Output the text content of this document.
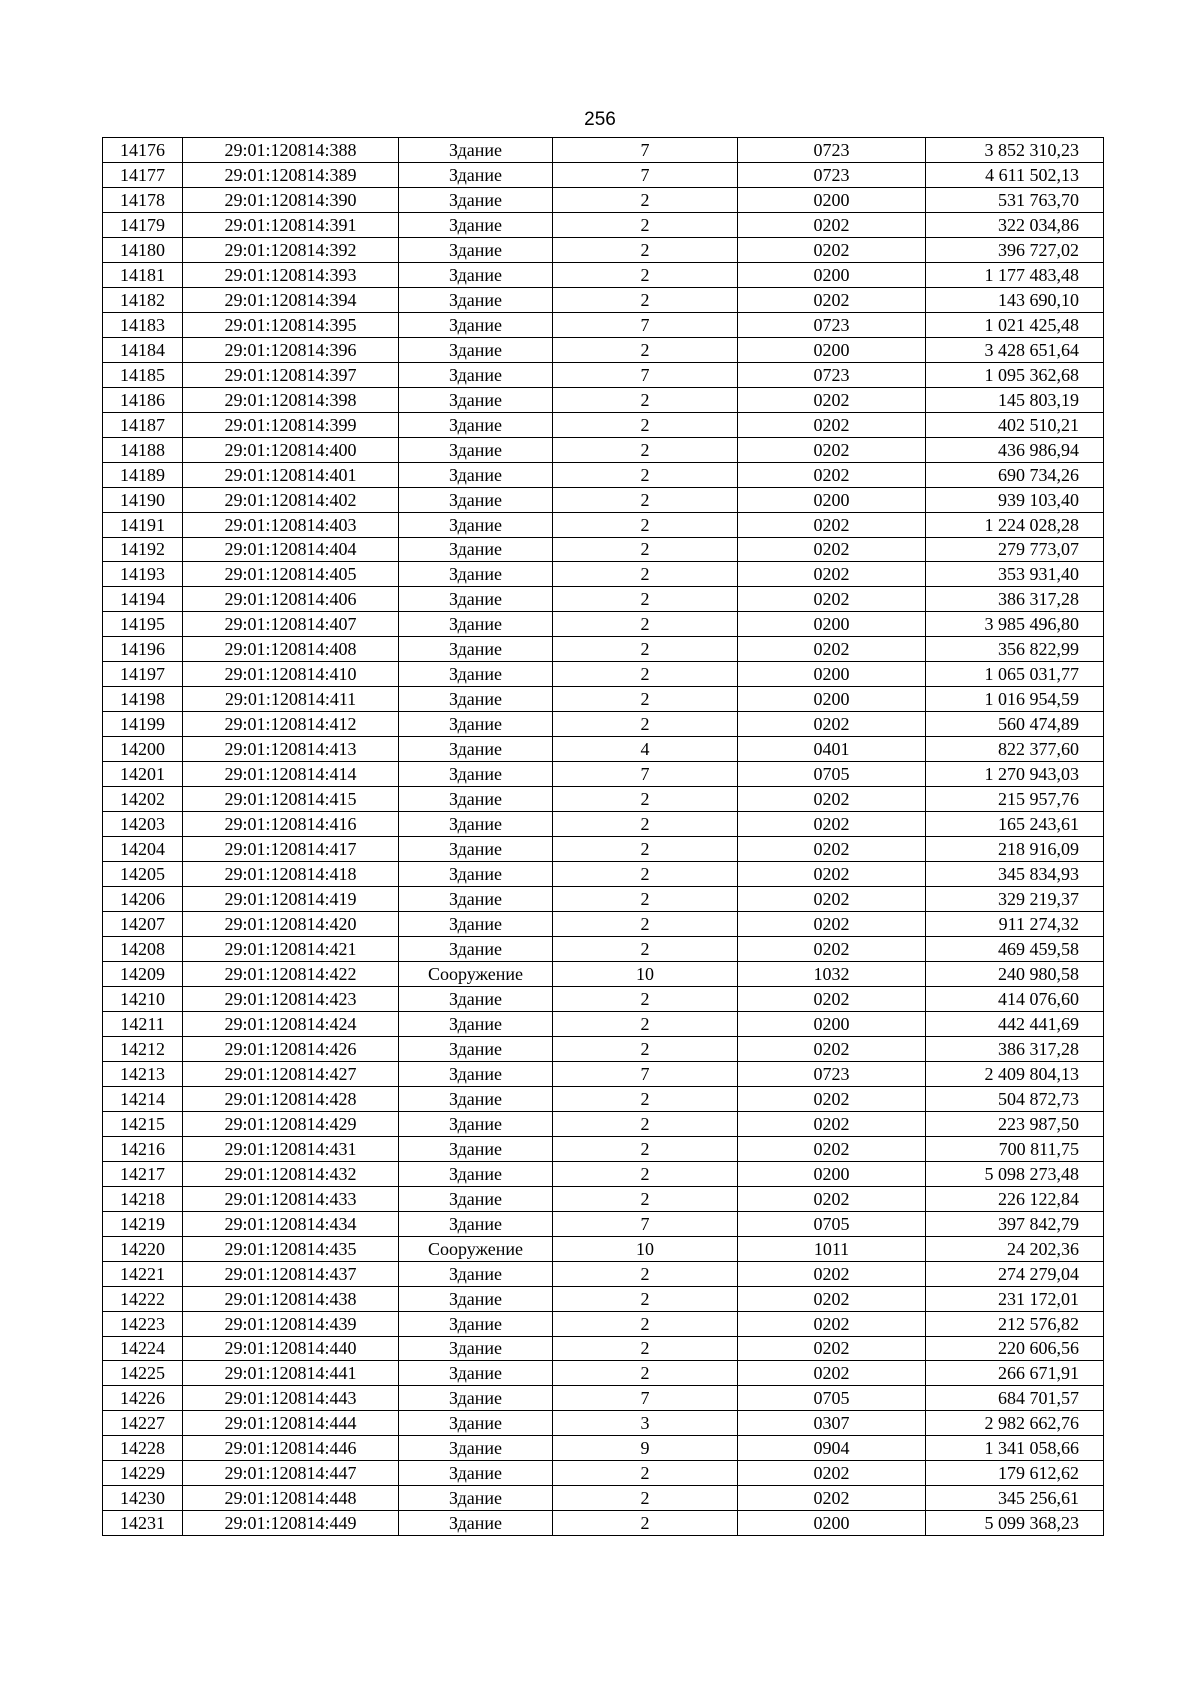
256
14176	29:01:120814:388	Здание	7	0723	3 852 310,23
14177	29:01:120814:389	Здание	7	0723	4 611 502,13
14178	29:01:120814:390	Здание	2	0200	531 763,70
14179	29:01:120814:391	Здание	2	0202	322 034,86
14180	29:01:120814:392	Здание	2	0202	396 727,02
14181	29:01:120814:393	Здание	2	0200	1 177 483,48
14182	29:01:120814:394	Здание	2	0202	143 690,10
14183	29:01:120814:395	Здание	7	0723	1 021 425,48
14184	29:01:120814:396	Здание	2	0200	3 428 651,64
14185	29:01:120814:397	Здание	7	0723	1 095 362,68
14186	29:01:120814:398	Здание	2	0202	145 803,19
14187	29:01:120814:399	Здание	2	0202	402 510,21
14188	29:01:120814:400	Здание	2	0202	436 986,94
14189	29:01:120814:401	Здание	2	0202	690 734,26
14190	29:01:120814:402	Здание	2	0200	939 103,40
14191	29:01:120814:403	Здание	2	0202	1 224 028,28
14192	29:01:120814:404	Здание	2	0202	279 773,07
14193	29:01:120814:405	Здание	2	0202	353 931,40
14194	29:01:120814:406	Здание	2	0202	386 317,28
14195	29:01:120814:407	Здание	2	0200	3 985 496,80
14196	29:01:120814:408	Здание	2	0202	356 822,99
14197	29:01:120814:410	Здание	2	0200	1 065 031,77
14198	29:01:120814:411	Здание	2	0200	1 016 954,59
14199	29:01:120814:412	Здание	2	0202	560 474,89
14200	29:01:120814:413	Здание	4	0401	822 377,60
14201	29:01:120814:414	Здание	7	0705	1 270 943,03
14202	29:01:120814:415	Здание	2	0202	215 957,76
14203	29:01:120814:416	Здание	2	0202	165 243,61
14204	29:01:120814:417	Здание	2	0202	218 916,09
14205	29:01:120814:418	Здание	2	0202	345 834,93
14206	29:01:120814:419	Здание	2	0202	329 219,37
14207	29:01:120814:420	Здание	2	0202	911 274,32
14208	29:01:120814:421	Здание	2	0202	469 459,58
14209	29:01:120814:422	Сооружение	10	1032	240 980,58
14210	29:01:120814:423	Здание	2	0202	414 076,60
14211	29:01:120814:424	Здание	2	0200	442 441,69
14212	29:01:120814:426	Здание	2	0202	386 317,28
14213	29:01:120814:427	Здание	7	0723	2 409 804,13
14214	29:01:120814:428	Здание	2	0202	504 872,73
14215	29:01:120814:429	Здание	2	0202	223 987,50
14216	29:01:120814:431	Здание	2	0202	700 811,75
14217	29:01:120814:432	Здание	2	0200	5 098 273,48
14218	29:01:120814:433	Здание	2	0202	226 122,84
14219	29:01:120814:434	Здание	7	0705	397 842,79
14220	29:01:120814:435	Сооружение	10	1011	24 202,36
14221	29:01:120814:437	Здание	2	0202	274 279,04
14222	29:01:120814:438	Здание	2	0202	231 172,01
14223	29:01:120814:439	Здание	2	0202	212 576,82
14224	29:01:120814:440	Здание	2	0202	220 606,56
14225	29:01:120814:441	Здание	2	0202	266 671,91
14226	29:01:120814:443	Здание	7	0705	684 701,57
14227	29:01:120814:444	Здание	3	0307	2 982 662,76
14228	29:01:120814:446	Здание	9	0904	1 341 058,66
14229	29:01:120814:447	Здание	2	0202	179 612,62
14230	29:01:120814:448	Здание	2	0202	345 256,61
14231	29:01:120814:449	Здание	2	0200	5 099 368,23
